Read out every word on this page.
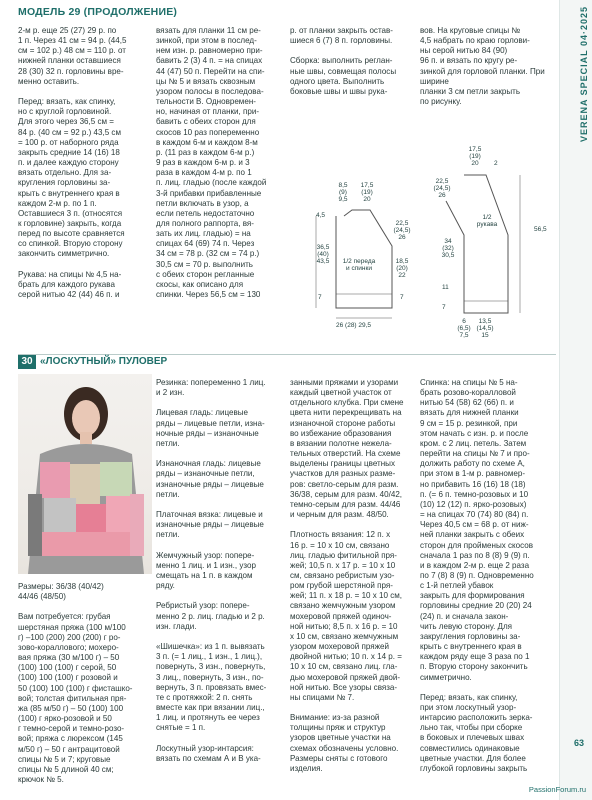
МОДЕЛЬ 29 (ПРОДОЛЖЕНИЕ)
2-м р. еще 25 (27) 29 р. по
1 п. Через 41 см = 94 р. (44,5
см = 102 р.) 48 см = 110 р. от
нижней планки оставшиеся
28 (30) 32 п. горловины вре-
менно оставить.

Перед: вязать, как спинку,
но с круглой горловиной.
Для этого через 36,5 см =
84 р. (40 см = 92 р.) 43,5 см
= 100 р. от наборного ряда
закрыть средние 14 (16) 18
п. и далее каждую сторону
вязать отдельно. Для за-
кругления горловины за-
крыть с внутреннего края в
каждом 2-м р. по 1 п.
Оставшиеся 3 п. (относятся
к горловине) закрыть, когда
перед по высоте сравняется
со спинкой. Вторую сторону
закончить симметрично.

Рукава: на спицы № 4,5 на-
брать для каждого рукава
серой нитью 42 (44) 46 п. и
вязать для планки 11 см ре-
зинкой, при этом в послед-
нем изн. р. равномерно при-
бавить 2 (3) 4 п. = на спицах
44 (47) 50 п. Перейти на спи-
цы № 5 и вязать сквозным
узором полосы в последова-
тельности В. Одновремен-
но, начиная от планки, при-
бавить с обеих сторон для
скосов 10 раз попеременно
в каждом 6-м и каждом 8-м
р. (11 раз в каждом 6-м р.)
9 раз в каждом 6-м р. и 3
раза в каждом 4-м р. по 1
п. лиц. гладью (после каждой
3-й прибавки прибавленные
петли включать в узор, а
если петель недостаточно
для полного раппорта, вя-
зать их лиц. гладью) = на
спицах 64 (69) 74 п. Через
34 см = 78 р. (32 см = 74 р.)
30,5 см = 70 р. выполнить
с обеих сторон регланные
скосы, как описано для
спинки. Через 56,5 см = 130
р. от планки закрыть остав-
шиеся 6 (7) 8 п. горловины.

Сборка: выполнить реглан-
ные швы, совмещая полосы
одного цвета. Выполнить
боковые швы и швы рука-
вов. На круговые спицы №
4,5 набрать по краю горлови-
ны серой нитью 84 (90)
96 п. и вязать по кругу ре-
зинкой для горловой планки. При ширине
планки 3 см петли закрыть
по рисунку.
8,5
(9)
9,5
17,5
(19)
20
4,5
36,5
(40)
43,5
22,5
(24,5)
26
1/2 переда
и спинки
18,5
(20)
22
7	7
26 (28) 29,5
17,5
(19)
20	2
22,5
(24,5)
26
34
(32)
30,5
1/2
рукава
56,5
11
7
6
(6,5)
7,5
13,5
(14,5)
15
30 «ЛОСКУТНЫЙ» ПУЛОВЕР
Размеры: 36/38 (40/42)
44/46 (48/50)

Вам потребуется: грубая
шерстяная пряжа (100 м/100
г) –100 (200) 200 (200) г ро-
зово-кораллового; мохеро-
вая пряжа (30 м/100 г) – 50
(100) 100 (100) г серой, 50
(100) 100 (100) г розовой и
50 (100) 100 (100) г фисташко-
вой; толстая фитильная пря-
жа (85 м/50 г) – 50 (100) 100
(100) г ярко-розовой и 50
г темно-серой и темно-розо-
вой; пряжа с люрексом (145
м/50 г) – 50 г антрацитовой
спицы № 5 и 7; круговые
спицы № 5 длиной 40 см;
крючок № 5.
Резинка: попеременно 1 лиц.
и 2 изн.

Лицевая гладь: лицевые
ряды – лицевые петли, изна-
ночные ряды – изнаночные
петли.

Изнаночная гладь: лицевые
ряды – изнаночные петли,
изнаночные ряды – лицевые
петли.

Платочная вязка: лицевые и
изнаночные ряды – лицевые
петли.

Жемчужный узор: попере-
менно 1 лиц. и 1 изн., узор
смещать на 1 п. в каждом
ряду.

Ребристый узор: попере-
менно 2 р. лиц. гладью и 2 р.
изн. глади.

«Шишечка»: из 1 п. вывязать
3 п. (= 1 лиц., 1 изн., 1 лиц.),
повернуть, 3 изн., повернуть,
3 лиц., повернуть, 3 изн., по-
вернуть, 3 п. провязать вмес-
те с протяжкой: 2 п. снять
вместе как при вязании лиц.,
1 лиц. и протянуть ее через
снятые = 1 п.

Лоскутный узор-интарсия:
вязать по схемам А и В ука-
занными пряжами и узорами
каждый цветной участок от
отдельного клубка. При смене
цвета нити перекрещивать на
изнаночной стороне работы
во избежание образования
в вязании полотне нежела-
тельных отверстий. На схеме
выделены границы цветных
участков для разных разме-
ров: светло-серым для разм.
36/38, серым для разм. 40/42,
темно-серым для разм. 44/46
и черным для разм. 48/50.

Плотность вязания: 12 п. х
16 р. = 10 х 10 см, связано
лиц. гладью фитильной пря-
жей; 10,5 п. х 17 р. = 10 х 10
см, связано ребристым узо-
ром грубой шерстяной пря-
жей; 11 п. х 18 р. = 10 х 10 см,
связано жемчужным узором
мохеровой пряжей одиноч-
ной нитью; 8,5 п. х 16 р. = 10
х 10 см, связано жемчужным
узором мохеровой пряжей
двойной нитью; 10 п. х 14 р. =
10 х 10 см, связано лиц. гла-
дью мохеровой пряжей двой-
ной нитью. Все узоры связа-
ны спицами № 7.

Внимание: из-за разной
толщины пряж и структур
узоров цветные участки на
схемах обозначены условно.
Размеры сняты с готового
изделия.
Спинка: на спицы № 5 на-
брать розово-коралловой
нитью 54 (58) 62 (66) п. и
вязать для нижней планки
9 см = 15 р. резинкой, при
этом начать с изн. р. и после
кром. с 2 лиц. петель. Затем
перейти на спицы № 7 и про-
должить работу по схеме А,
при этом в 1-м р. равномер-
но прибавить 16 (16) 18 (18)
п. (= 6 п. темно-розовых и 10
(10) 12 (12) п. ярко-розовых)
= на спицах 70 (74) 80 (84) п.
Через 40,5 см = 68 р. от ниж-
ней планки закрыть с обеих
сторон для пройменых скосов
сначала 1 раз по 8 (8) 9 (9) п.
и в каждом 2-м р. еще 2 раза
по 7 (8) 8 (9) п. Одновременно
с 1-й петлей убавок
закрыть для формирования
горловины средние 20 (20) 24
(24) п. и сначала закон-
чить левую сторону. Для
закругления горловины за-
крыть с внутреннего края в
каждом ряду еще 3 раза по 1
п. Вторую сторону закончить
симметрично.

Перед: вязать, как спинку,
при этом лоскутный узор-
интарсию расположить зерка-
льно так, чтобы при сборке
в боковых и плечевых швах
совместились одинаковые
цветные участки. Для более
глубокой горловины закрыть
VERENA SPECIAL 04·2025
63
PassionForum.ru
